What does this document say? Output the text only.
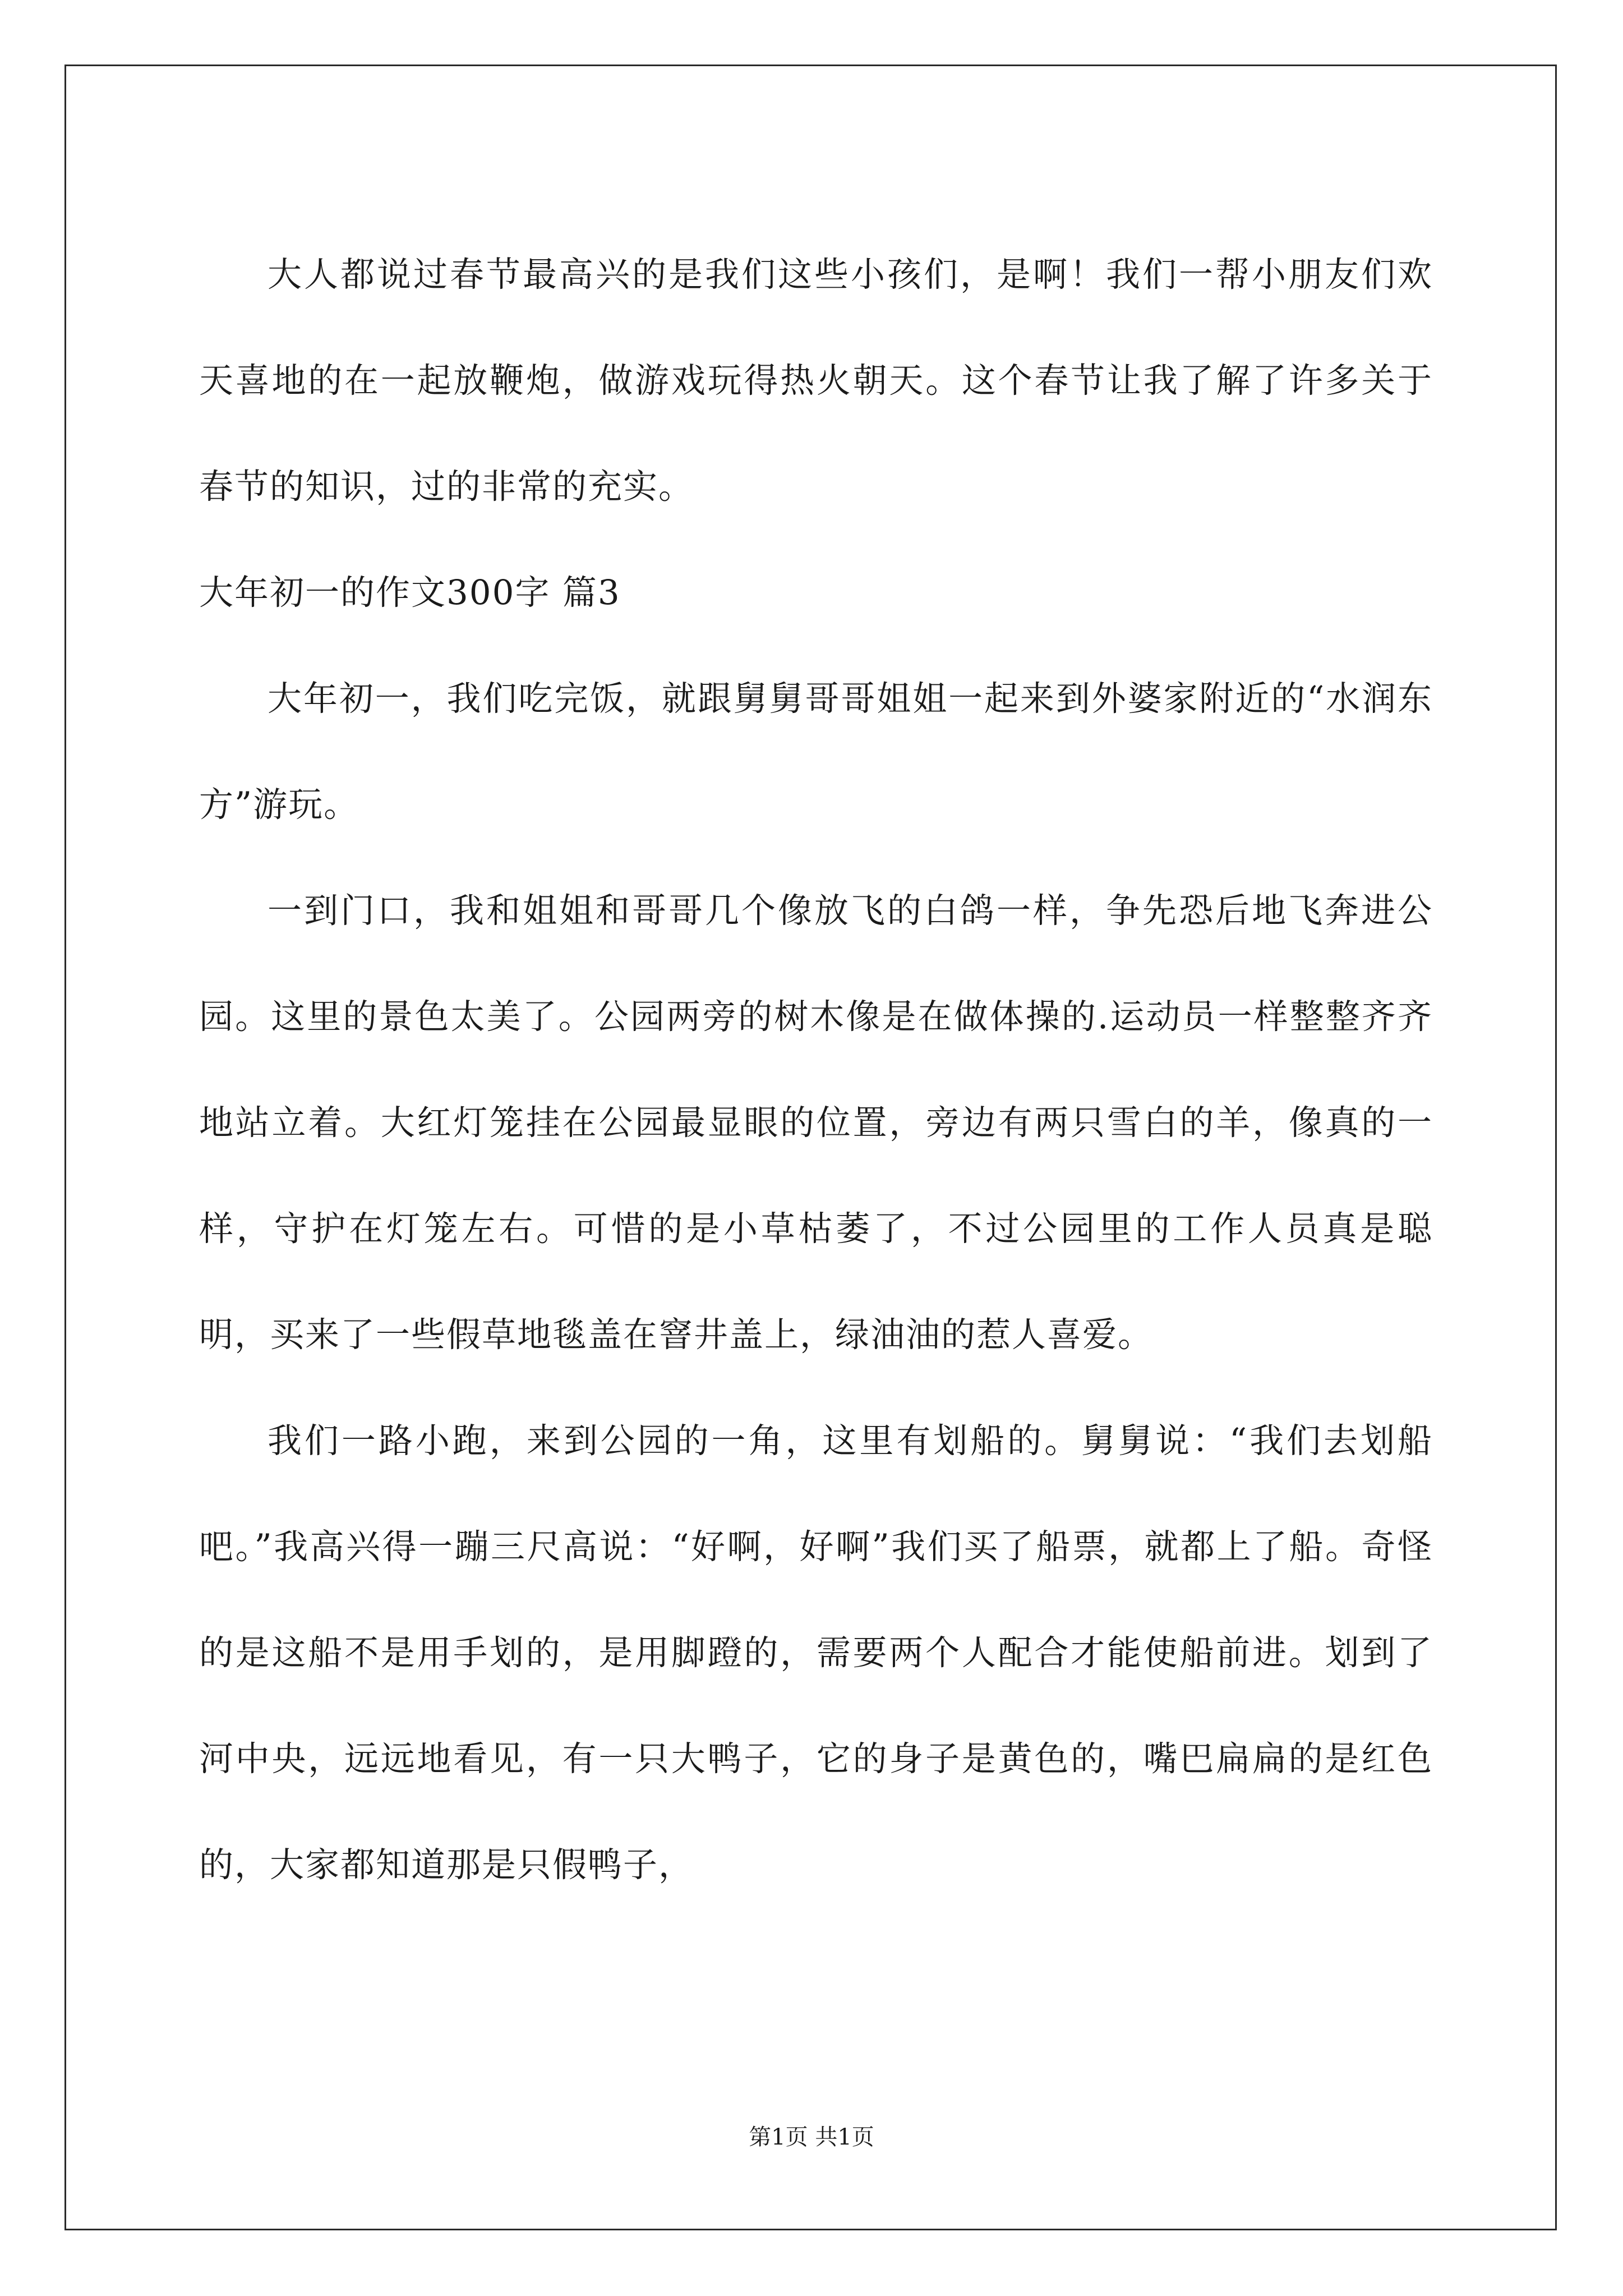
大人都说过春节最高兴的是我们这些小孩们，是啊！我们一帮小朋友们欢天喜地的在一起放鞭炮，做游戏玩得热火朝天。这个春节让我了解了许多关于春节的知识，过的非常的充实。

大年初一的作文300字 篇3

大年初一，我们吃完饭，就跟舅舅哥哥姐姐一起来到外婆家附近的“水润东方”游玩。

一到门口，我和姐姐和哥哥几个像放飞的白鸽一样，争先恐后地飞奔进公园。这里的景色太美了。公园两旁的树木像是在做体操的.运动员一样整整齐齐地站立着。大红灯笼挂在公园最显眼的位置，旁边有两只雪白的羊，像真的一样，守护在灯笼左右。可惜的是小草枯萎了，不过公园里的工作人员真是聪明，买来了一些假草地毯盖在窨井盖上，绿油油的惹人喜爱。

我们一路小跑，来到公园的一角，这里有划船的。舅舅说：“我们去划船吧。”我高兴得一蹦三尺高说：“好啊，好啊”我们买了船票，就都上了船。奇怪的是这船不是用手划的，是用脚蹬的，需要两个人配合才能使船前进。划到了河中央，远远地看见，有一只大鸭子，它的身子是黄色的，嘴巴扁扁的是红色的，大家都知道那是只假鸭子，

第1页 共1页
